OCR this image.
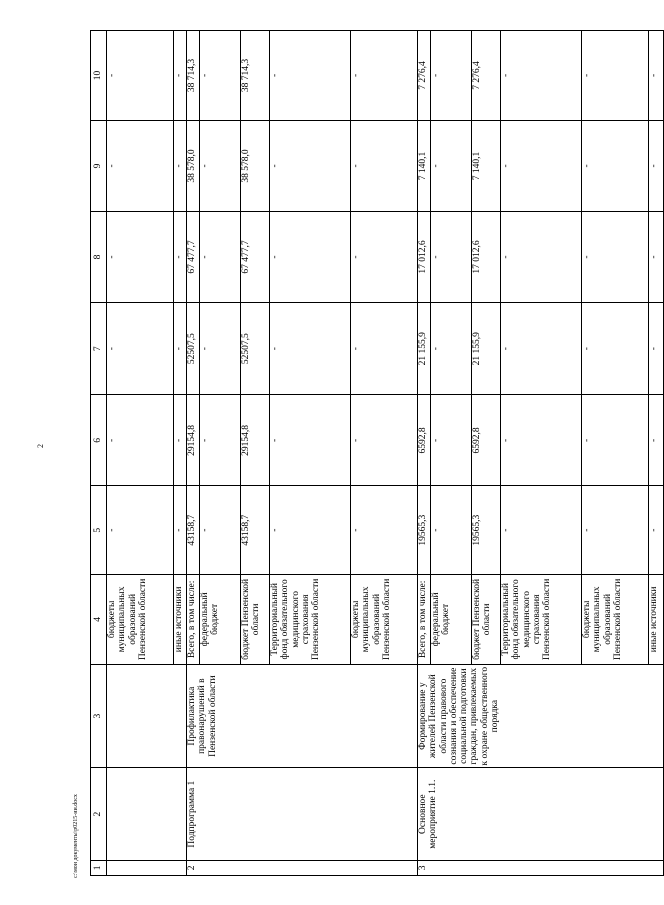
2
c:\мои документы\р0215-ии.docx 1	2	3	4	5	6	7	8	9	10
			бюджеты муниципальных образований Пензенской области	-	-	-	-	-	-
			иные источники	-	-	-	-	-	-
2	Подпрограмма 1	Профилактика правонарушений в Пензенской области	Всего, в том числе:	43158,7	29154,8	52507,5	67 477,7	38 578,0	38 714,3
			федеральный бюджет	-	-	-	-	-	-
			бюджет Пензенской области	43158,7	29154,8	52507,5	67 477,7	38 578,0	38 714,3
			Территориальный фонд обязательного медицинского страхования Пензенской области	-	-	-	-	-	-
			бюджеты муниципальных образований Пензенской области	-	-	-	-	-	-
3	Основное мероприятие 1.1.	Формирование у жителей Пензенской области правового сознания и обеспечение социальной подготовки граждан, привлекаемых к охране общественного порядка	Всего, в том числе:	19565,3	6592,8	21 155,9	17 012,6	7 140,1	7 276,4
			федеральный бюджет	-	-	-	-	-	-
			бюджет Пензенской области	19565,3	6592,8	21 155,9	17 012,6	7 140,1	7 276,4
			Территориальный фонд обязательного медицинского страхования Пензенской области	-	-	-	-	-	-
			бюджеты муниципальных образований Пензенской области	-	-	-	-	-	-
			иные источники	-	-	-	-	-	-
